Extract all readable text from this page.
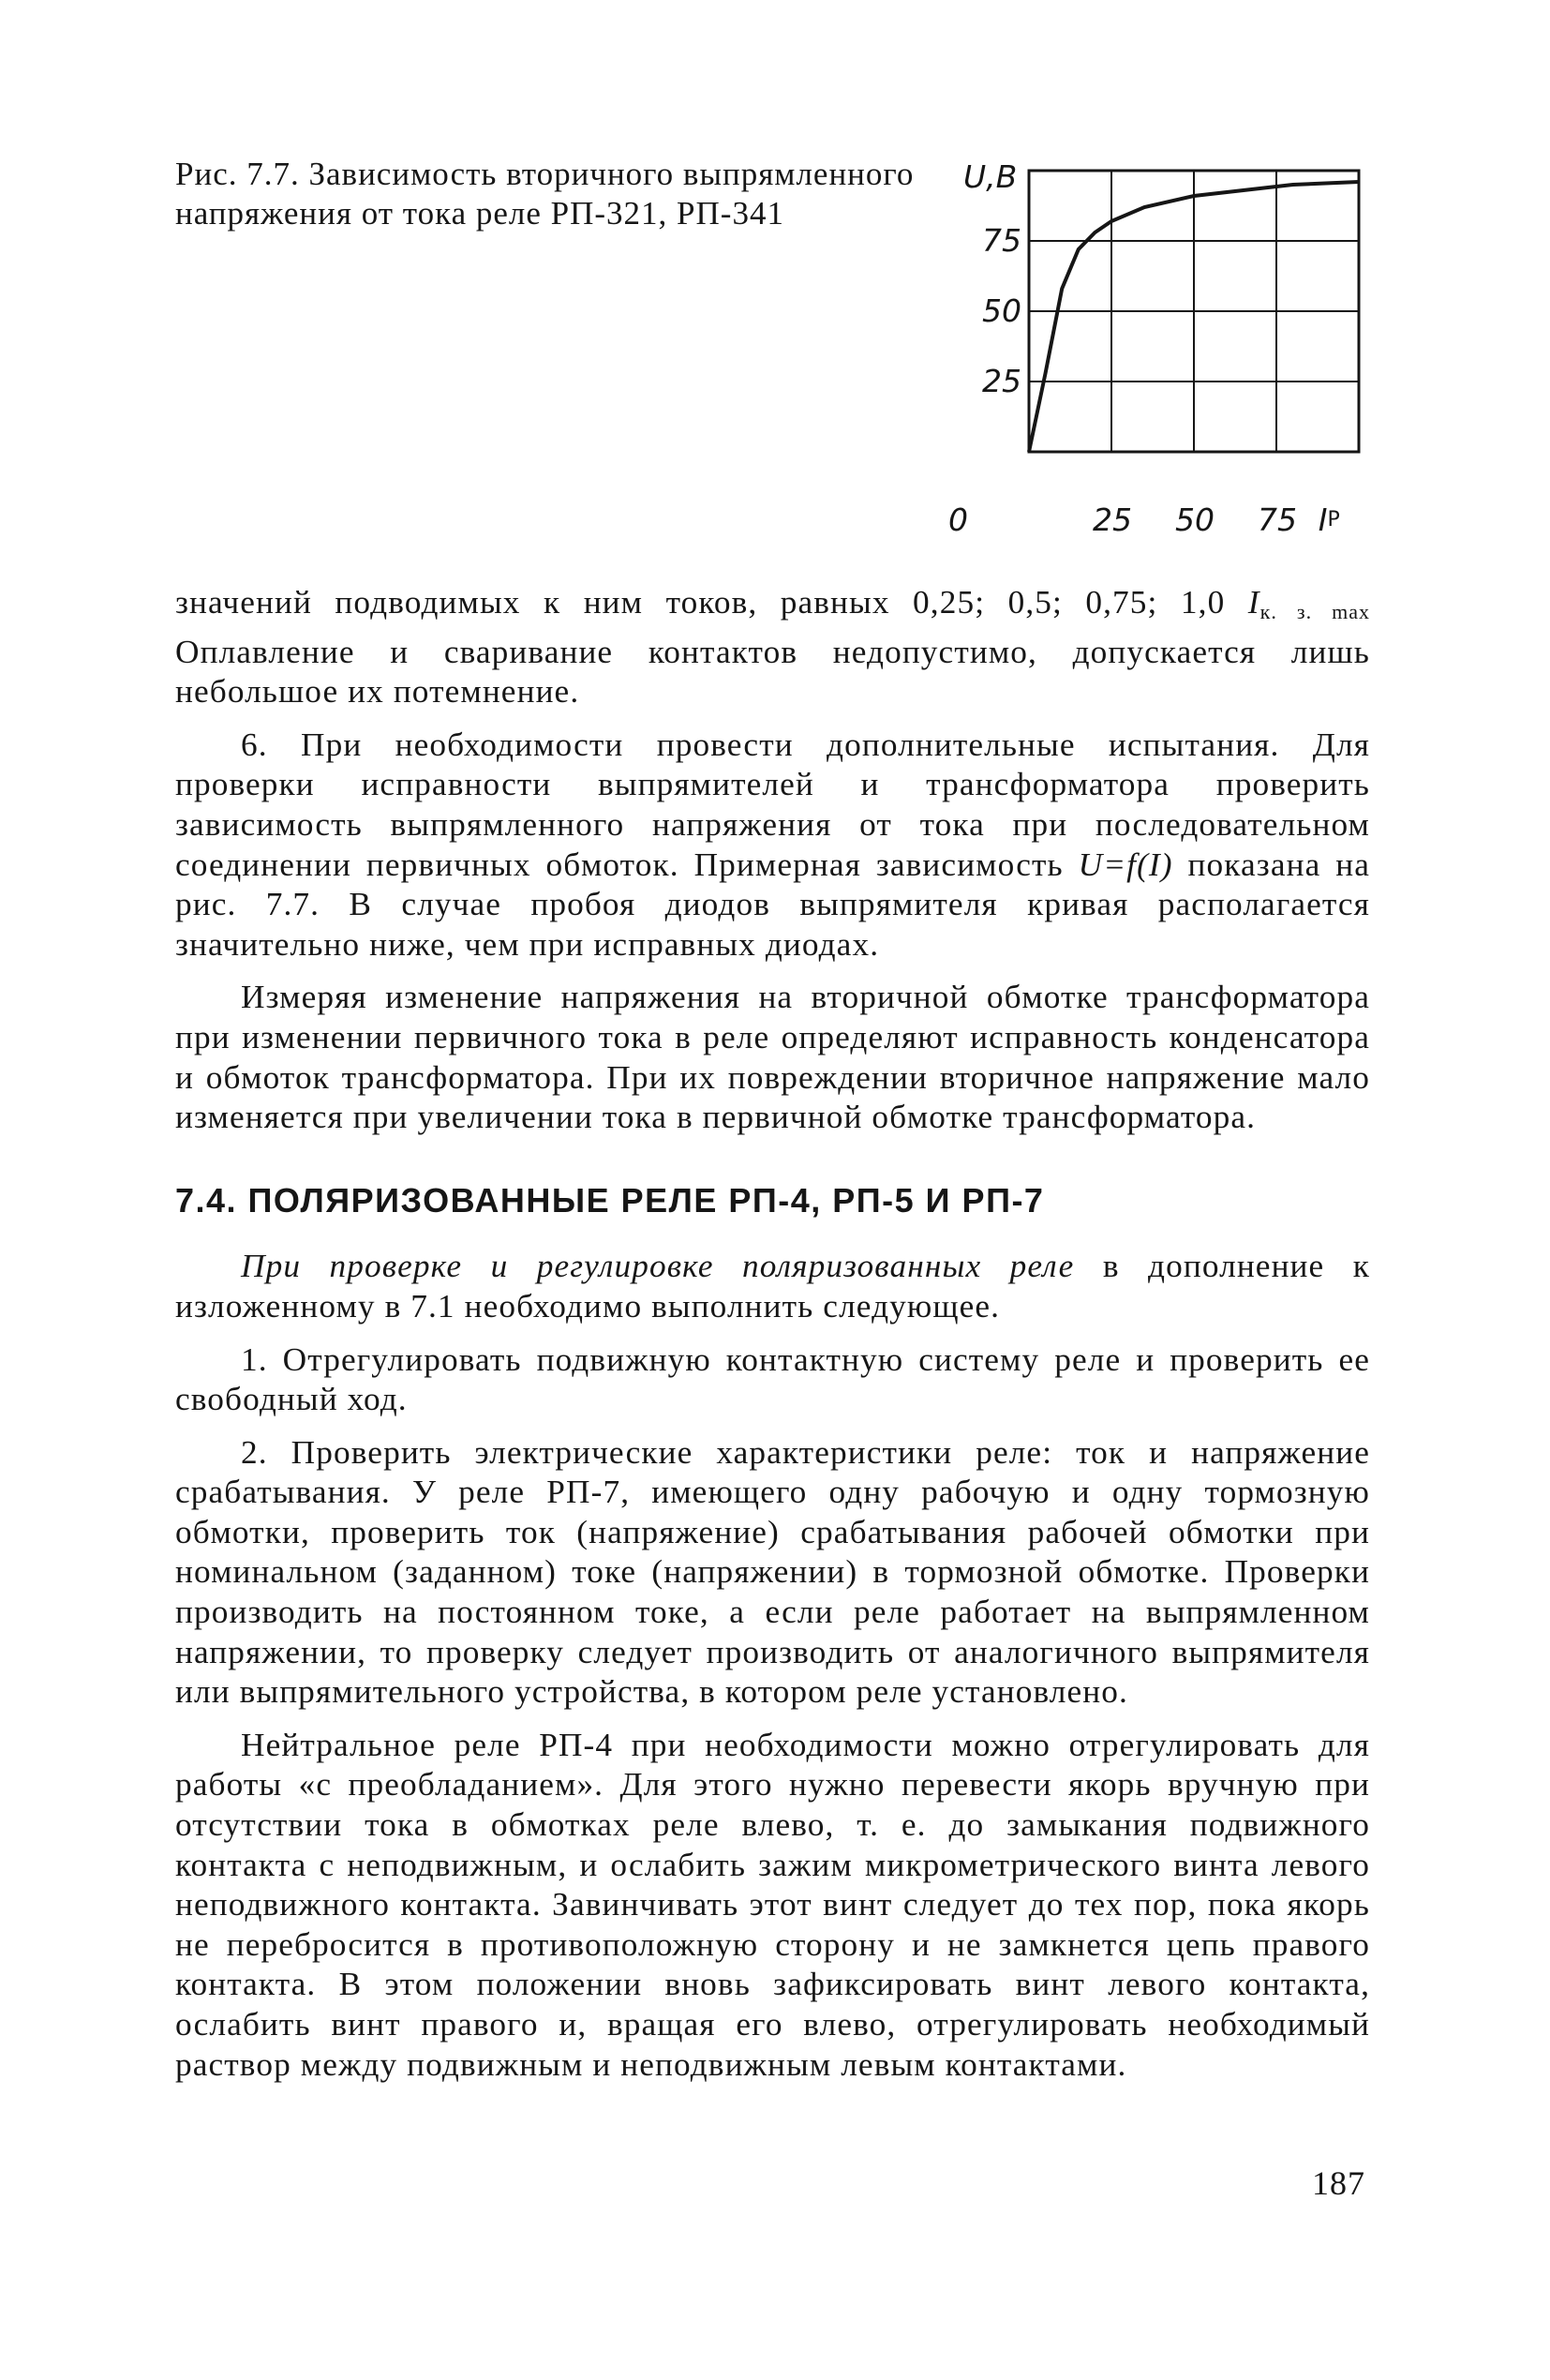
Рис. 7.7. Зависимость вторичного выпрямленного напряжения от тока реле РП-321, РП-341
U,В
25
50
75
0	25 50 75 I Р

значений подводимых к ним токов, равных 0,25; 0,5; 0,75; 1,0 $I_{к. з. max}$ Оплавление и сваривание контактов недопустимо, допускается лишь небольшое их потемнение.

6. При необходимости провести дополнительные испытания. Для проверки исправности выпрямителей и трансформатора проверить зависимость выпрямленного напряжения от тока при последовательном соединении первичных обмоток. Примерная зависимость U=f(I) показана на рис. 7.7. В случае пробоя диодов выпрямителя кривая располагается значительно ниже, чем при исправных диодах.

Измеряя изменение напряжения на вторичной обмотке трансформатора при изменении первичного тока в реле определяют исправность конденсатора и обмоток трансформатора. При их повреждении вторичное напряжение мало изменяется при увеличении тока в первичной обмотке трансформатора.

7.4. ПОЛЯРИЗОВАННЫЕ РЕЛЕ РП-4, РП-5 И РП-7

При проверке и регулировке поляризованных реле в дополнение к изложенному в 7.1 необходимо выполнить следующее.

1. Отрегулировать подвижную контактную систему реле и проверить ее свободный ход.

2. Проверить электрические характеристики реле: ток и напряжение срабатывания. У реле РП-7, имеющего одну рабочую и одну тормозную обмотки, проверить ток (напряжение) срабатывания рабочей обмотки при номинальном (заданном) токе (напряжении) в тормозной обмотке. Проверки производить на постоянном токе, а если реле работает на выпрямленном напряжении, то проверку следует производить от аналогичного выпрямителя или выпрямительного устройства, в котором реле установлено.

Нейтральное реле РП-4 при необходимости можно отрегулировать для работы «с преобладанием». Для этого нужно перевести якорь вручную при отсутствии тока в обмотках реле влево, т. е. до замыкания подвижного контакта с неподвижным, и ослабить зажим микрометрического винта левого неподвижного контакта. Завинчивать этот винт следует до тех пор, пока якорь не перебросится в противоположную сторону и не замкнется цепь правого контакта. В этом положении вновь зафиксировать винт левого контакта, ослабить винт правого и, вращая его влево, отрегулировать необходимый раствор между подвижным и неподвижным левым контактами.

187
